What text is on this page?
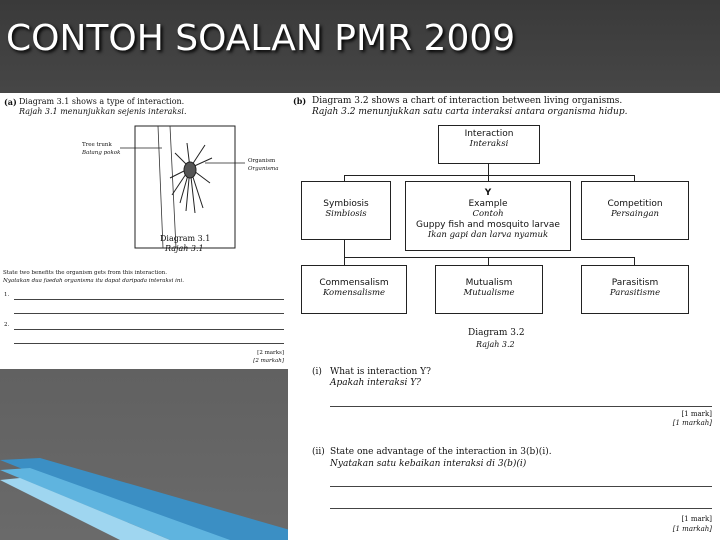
CONTOH SOALAN PMR 2009
(a) Diagram 3.1 shows a type of interaction.
Rajah 3.1 menunjukkan sejenis interaksi.
Tree trunk
Batang pokok
Organism
Organisma
Diagram 3.1
Rajah 3.1
State two benefits the organism gets from this interaction.
Nyatakan dua faedah organisma itu dapat daripada interaksi ini.
1.
2.
[2 marks]
[2 markah]
(b) Diagram 3.2 shows a chart of interaction between living organisms.
Rajah 3.2 menunjukkan satu carta interaksi antara organisma hidup.
Interaction
Interaksi
Symbiosis
Simbiosis
Y
Example
Contoh
Guppy fish and mosquito larvae
Ikan gapi dan larva nyamuk
Competition
Persaingan
Commensalism
Komensalisme
Mutualism
Mutualisme
Parasitism
Parasitisme
Diagram 3.2
Rajah 3.2
(i) What is interaction Y?
Apakah interaksi Y?
[1 mark]
[1 markah]
(ii) State one advantage of the interaction in 3(b)(i).
Nyatakan satu kebaikan interaksi di 3(b)(i)
[1 mark]
[1 markah]
